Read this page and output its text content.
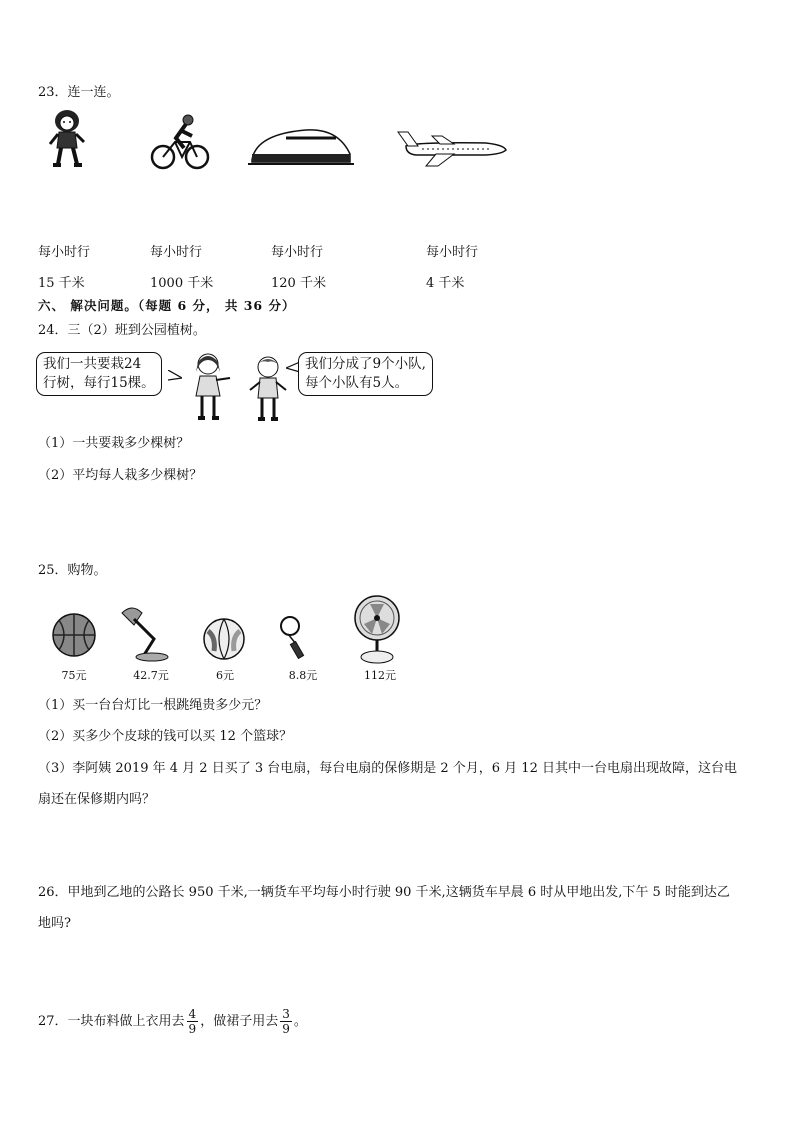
23．连一连。
每小时行
15 千米
每小时行
1000 千米
每小时行
120 千米
每小时行
4 千米
六、 解决问题。（每题 6 分， 共 36 分）
24．三（2）班到公园植树。
我们一共要栽24
行树，每行15棵。
我们分成了9个小队,
每个小队有5人。
（1）一共要栽多少棵树？
（2）平均每人栽多少棵树？
25．购物。
75元	42.7元	6元	8.8元	112元
（1）买一台台灯比一根跳绳贵多少元？
（2）买多少个皮球的钱可以买 12 个篮球？
（3）李阿姨 2019 年 4 月 2 日买了 3 台电扇，每台电扇的保修期是 2 个月，6 月 12 日其中一台电扇出现故障，这台电
扇还在保修期内吗？
26．甲地到乙地的公路长 950 千米,一辆货车平均每小时行驶 90 千米,这辆货车早晨 6 时从甲地出发,下午 5 时能到达乙
地吗?
27．一块布料做上衣用去 $\frac{4}{9}$ ，做裙子用去 $\frac{3}{9}$ 。
